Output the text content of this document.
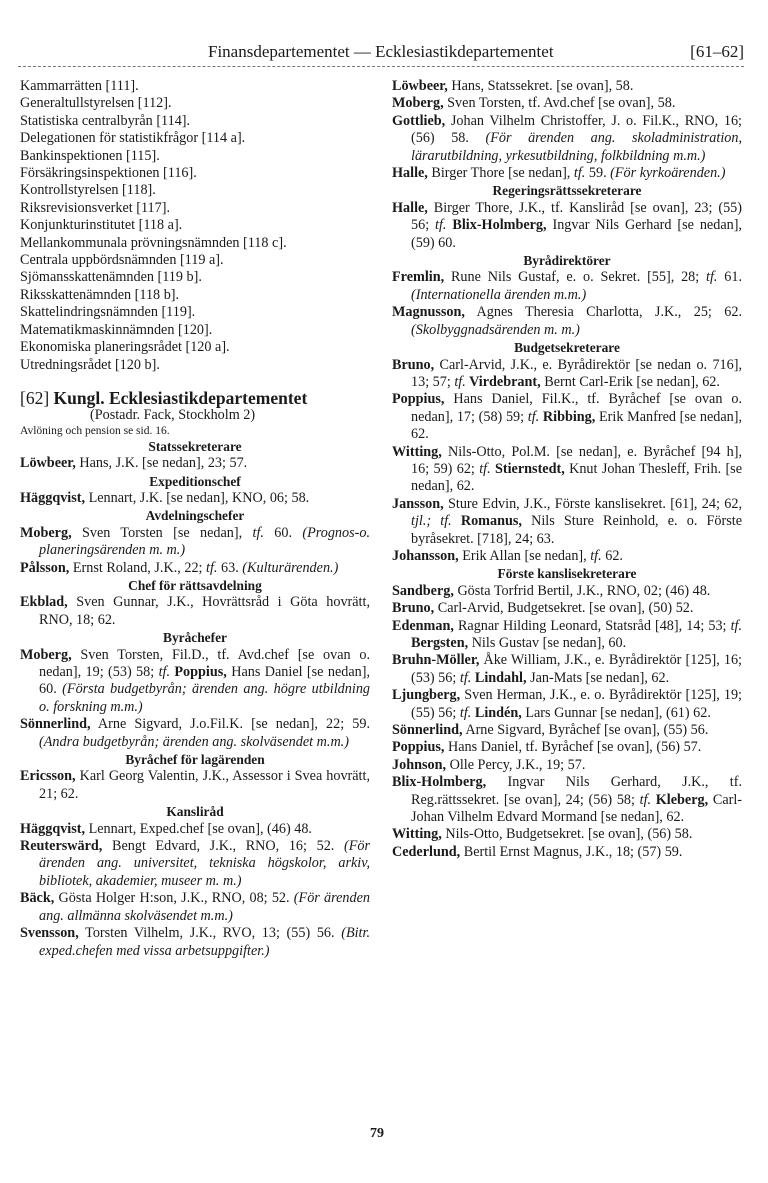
Finansdepartementet — Ecklesiastikdepartementet	[61–62]

Kammarrätten [111].

Generaltullstyrelsen [112].

Statistiska centralbyrån [114].

Delegationen för statistikfrågor [114 a].

Bankinspektionen [115].

Försäkringsinspektionen [116].

Kontrollstyrelsen [118].

Riksrevisionsverket [117].

Konjunkturinstitutet [118 a].

Mellankommunala prövningsnämnden [118 c].

Centrala uppbördsnämnden [119 a].

Sjömansskattenämnden [119 b].

Riksskattenämnden [118 b].

Skattelindringsnämnden [119].

Matematikmaskinnämnden [120].

Ekonomiska planeringsrådet [120 a].

Utredningsrådet [120 b].

[62] Kungl. Ecklesiastikdepartementet

(Postadr. Fack, Stockholm 2)

Avlöning och pension se sid. 16.

Statssekreterare

Löwbeer, Hans, J.K. [se nedan], 23; 57.

Expeditionschef

Häggqvist, Lennart, J.K. [se nedan], KNO, 06; 58.

Avdelningschefer

Moberg, Sven Torsten [se nedan], tf. 60. (Prognos-o. planeringsärenden m. m.)

Pålsson, Ernst Roland, J.K., 22; tf. 63. (Kulturärenden.)

Chef för rättsavdelning

Ekblad, Sven Gunnar, J.K., Hovrättsråd i Göta hovrätt, RNO, 18; 62.

Byråchefer

Moberg, Sven Torsten, Fil.D., tf. Avd.chef [se ovan o. nedan], 19; (53) 58; tf. Poppius, Hans Daniel [se nedan], 60. (Första budgetbyrån; ärenden ang. högre utbildning o. forskning m.m.)

Sönnerlind, Arne Sigvard, J.o.Fil.K. [se nedan], 22; 59. (Andra budgetbyrån; ärenden ang. skolväsendet m.m.)

Byråchef för lagärenden

Ericsson, Karl Georg Valentin, J.K., Assessor i Svea hovrätt, 21; 62.

Kansliråd

Häggqvist, Lennart, Exped.chef [se ovan], (46) 48.

Reuterswärd, Bengt Edvard, J.K., RNO, 16; 52. (För ärenden ang. universitet, tekniska högskolor, arkiv, bibliotek, akademier, museer m. m.)

Bäck, Gösta Holger H:son, J.K., RNO, 08; 52. (För ärenden ang. allmänna skolväsendet m.m.)

Svensson, Torsten Vilhelm, J.K., RVO, 13; (55) 56. (Bitr. exped.chefen med vissa arbetsuppgifter.)

Löwbeer, Hans, Statssekret. [se ovan], 58.

Moberg, Sven Torsten, tf. Avd.chef [se ovan], 58.

Gottlieb, Johan Vilhelm Christoffer, J. o. Fil.K., RNO, 16; (56) 58. (För ärenden ang. skoladministration, lärarutbildning, yrkesutbildning, folkbildning m.m.)

Halle, Birger Thore [se nedan], tf. 59. (För kyrkoärenden.)

Regeringsrättssekreterare

Halle, Birger Thore, J.K., tf. Kansliråd [se ovan], 23; (55) 56; tf. Blix-Holmberg, Ingvar Nils Gerhard [se nedan], (59) 60.

Byrådirektörer

Fremlin, Rune Nils Gustaf, e. o. Sekret. [55], 28; tf. 61. (Internationella ärenden m.m.)

Magnusson, Agnes Theresia Charlotta, J.K., 25; 62. (Skolbyggnadsärenden m. m.)

Budgetsekreterare

Bruno, Carl-Arvid, J.K., e. Byrådirektör [se nedan o. 716], 13; 57; tf. Virdebrant, Bernt Carl-Erik [se nedan], 62.

Poppius, Hans Daniel, Fil.K., tf. Byråchef [se ovan o. nedan], 17; (58) 59; tf. Ribbing, Erik Manfred [se nedan], 62.

Witting, Nils-Otto, Pol.M. [se nedan], e. Byråchef [94 h], 16; 59) 62; tf. Stiernstedt, Knut Johan Thesleff, Frih. [se nedan], 62.

Jansson, Sture Edvin, J.K., Förste kanslisekret. [61], 24; 62, tjl.; tf. Romanus, Nils Sture Reinhold, e. o. Förste byråsekret. [718], 24; 63.

Johansson, Erik Allan [se nedan], tf. 62.

Förste kanslisekreterare

Sandberg, Gösta Torfrid Bertil, J.K., RNO, 02; (46) 48.

Bruno, Carl-Arvid, Budgetsekret. [se ovan], (50) 52.

Edenman, Ragnar Hilding Leonard, Statsråd [48], 14; 53; tf. Bergsten, Nils Gustav [se nedan], 60.

Bruhn-Möller, Åke William, J.K., e. Byrådirektör [125], 16; (53) 56; tf. Lindahl, Jan-Mats [se nedan], 62.

Ljungberg, Sven Herman, J.K., e. o. Byrådirektör [125], 19; (55) 56; tf. Lindén, Lars Gunnar [se nedan], (61) 62.

Sönnerlind, Arne Sigvard, Byråchef [se ovan], (55) 56.

Poppius, Hans Daniel, tf. Byråchef [se ovan], (56) 57.

Johnson, Olle Percy, J.K., 19; 57.

Blix-Holmberg, Ingvar Nils Gerhard, J.K., tf. Reg.rättssekret. [se ovan], 24; (56) 58; tf. Kleberg, Carl-Johan Vilhelm Edvard Mormand [se nedan], 62.

Witting, Nils-Otto, Budgetsekret. [se ovan], (56) 58.

Cederlund, Bertil Ernst Magnus, J.K., 18; (57) 59.

79
